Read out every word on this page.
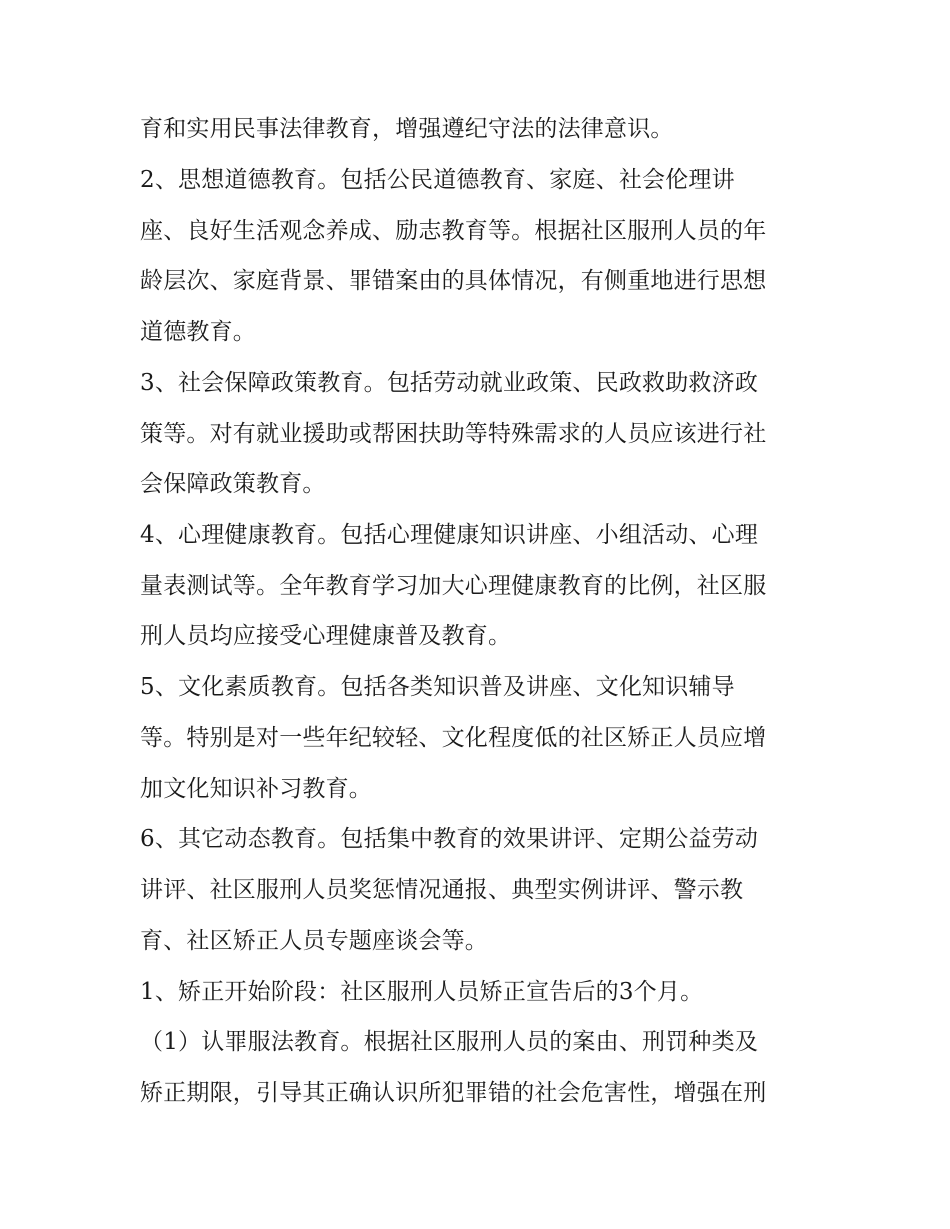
育和实用民事法律教育，增强遵纪守法的法律意识。
2、思想道德教育。包括公民道德教育、家庭、社会伦理讲
座、良好生活观念养成、励志教育等。根据社区服刑人员的年
龄层次、家庭背景、罪错案由的具体情况，有侧重地进行思想
道德教育。
3、社会保障政策教育。包括劳动就业政策、民政救助救济政
策等。对有就业援助或帮困扶助等特殊需求的人员应该进行社
会保障政策教育。
4、心理健康教育。包括心理健康知识讲座、小组活动、心理
量表测试等。全年教育学习加大心理健康教育的比例，社区服
刑人员均应接受心理健康普及教育。
5、文化素质教育。包括各类知识普及讲座、文化知识辅导
等。特别是对一些年纪较轻、文化程度低的社区矫正人员应增
加文化知识补习教育。
6、其它动态教育。包括集中教育的效果讲评、定期公益劳动
讲评、社区服刑人员奖惩情况通报、典型实例讲评、警示教
育、社区矫正人员专题座谈会等。
1、矫正开始阶段：社区服刑人员矫正宣告后的3个月。
（1）认罪服法教育。根据社区服刑人员的案由、刑罚种类及
矫正期限，引导其正确认识所犯罪错的社会危害性，增强在刑
